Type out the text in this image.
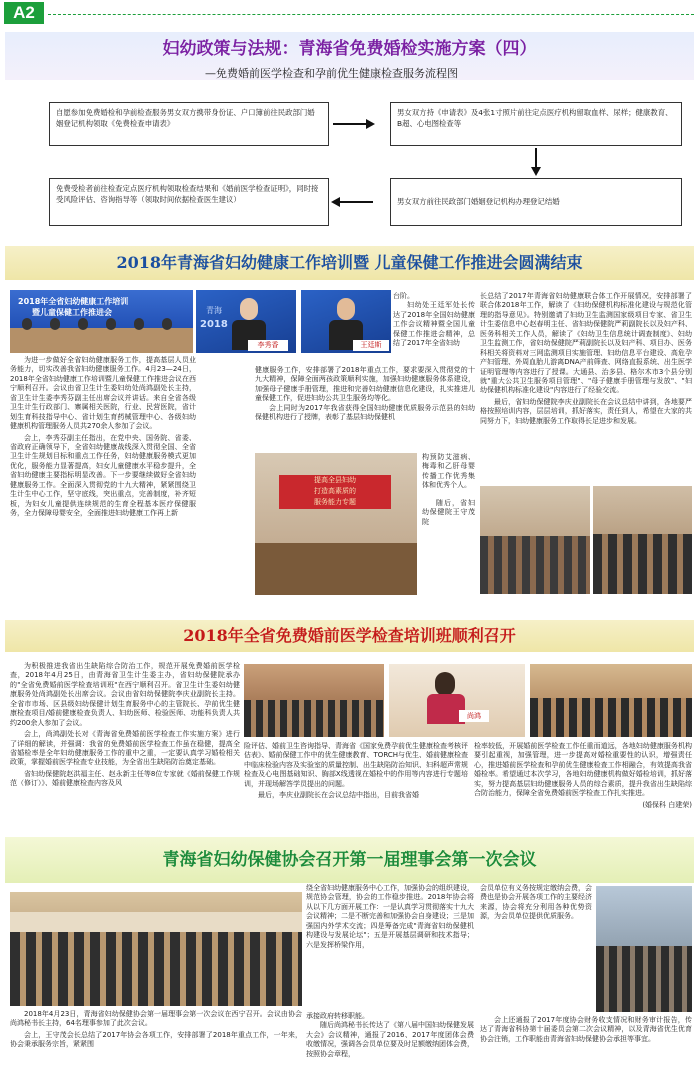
A2
妇幼政策与法规：青海省免费婚检实施方案（四）
—免费婚前医学检查和孕前优生健康检查服务流程图
自愿参加免费婚检和孕前检查服务男女双方携带身份证、户口簿前往民政部门婚姻登记机构领取《免费检查申请表》
男女双方持《申请表》及4张1寸照片前往定点医疗机构留取血样、尿样；健康教育、B超、心电图检查等
免费受检者前往检查定点医疗机构领取检查结果和《婚前医学检查证明》，同时接受风险评估、咨询指导等（领取时间依据检查医生建议）	男女双方前往民政部门婚姻登记机构办理登记结婚
2018年青海省妇幼健康工作培训暨 儿童保健工作推进会圆满结束
2018年全省妇幼健康工作培训
暨儿童保健工作推进会	青海
2018
李秀香	王廷斯

为进一步做好全省妇幼健康服务工作，提高基层人员业务能力，切实改善我省妇幼健康服务工作。4月23—24日，2018年全省妇幼健康工作培训暨儿童保健工作推进会议在西宁顺利召开。会议由省卫生计生委妇幼处尚鸿副处长主持，省卫生计生委李秀芬副主任出席会议并讲话。来自全省各级卫生计生行政部门、寨属相关医院，行业、民营医院，省计划生育科技指导中心、省计划生育药械管理中心、各级妇幼健康机构管理服务人员共270余人参加了会议。

会上，李秀芬副主任指出，在党中央、国务院、省委、省政府正确领导下，全省妇幼健康战线深入贯彻全国、全省卫生计生规划目标和重点工作任务，妇幼健康服务模式更加优化，服务能力显著提高，妇女儿童健康水平稳步提升，全省妇幼健康主要指标明显改善。下一步要继续做好全省妇幼健康服务工作。全面深入贯彻党的十九大精神，紧紧围绕卫生计生中心工作，坚守底线，突出重点，完善制度，补齐短板，为妇女儿童提供连续规范的生育全程基本医疗保健服务，全力保障母婴安全，全面推进妇幼健康工作再上新

台阶。
妇幼处王廷军处长传达了2018年全国妇幼健康工作会议精神暨全国儿童保健工作推进会精神，总结了2017年全省妇幼
健康服务工作，安排部署了2018年重点工作，要求要深入贯彻党的十九大精神，保障全面两孩政策顺利实施，加强妇幼健康服务体系建设，加强母子健康手册管理，推进和完善妇幼健康信息化建设，扎实推进儿童保健工作，促进妇幼公共卫生服务均等化。
会上同时为2017年我省获得全国妇幼健康优质服务示范县的妇幼保健机构进行了授牌，表彰了基层妇幼保健机
提高全县妇幼
打造高素质的
服务能力专题
构预防艾滋病、梅毒和乙肝母婴传播工作优秀集体和优秀个人。
随后，省妇幼保健院王守茂院
长总结了2017年青海省妇幼健康联合体工作开展情况，安排部署了联合体2018年工作，解读了《妇幼保健机构标准化建设与规范化管理的指导意见》。特别邀请了妇幼卫生监测国家级项目专家、省卫生计生委信息中心赵春明主任、省妇幼保健院严莉副院长以及妇产科、医务科相关工作人员，解读了《妇幼卫生信息统计调查制度》、妇幼卫生监测工作，省妇幼保健院严莉副院长以及妇产科、项目办、医务科相关将资料对三网监测项目实施管理、妇幼信息平台建设、高危孕产妇管理、外周血胎儿游离DNA产前筛查、网络直报系统、出生医学证明管理等内容进行了授课。大通县、治多县、格尔木市3个县分别就"重大公共卫生服务项目管理"、"母子健康手册管理与发放"、"妇幼保健机构标准化建设"内容进行了经验交流。

最后，省妇幼保健院李庆业副院长在会议总结中讲到，各地要严格按照培训内容，层层培训，抓好落实，责任到人，希望在大家的共同努力下，妇幼健康服务工作取得长足进步和发展。

2018年全省免费婚前医学检查培训班顺利召开

为积极推进我省出生缺陷综合防治工作，规范开展免费婚前医学检查，2018年4月25日，由青海省卫生计生委主办，省妇幼保健院承办的"全省免费婚前医学检查培训班"在西宁顺利召开。省卫生计生委妇幼健康服务处尚鸿副处长出席会议。会议由省妇幼保健院李庆业副院长主持。全省市市场、区县级妇幼保健计划生育服务中心的主管院长、孕前优生健康检查项目/婚前健康检查负责人、妇幼医师、检验医师、功能科负责人共约200余人参加了会议。

会上，尚鸿副处长对《青海省免费婚前医学检查工作实施方案》进行了详细的解读，并强调：我省的免费婚前医学检查工作虽在稳健，提高全省婚检率是全年妇幼健康服务工作的重中之重，一定要认真学习婚检相关政策，掌握婚前医学检查专业技能，为全省出生缺陷防治奠定基础。

省妇幼保健院赵洪福主任、赵永新主任等8位专家就《婚前保健工作规范（修订）》、婚前健康检查内容及风

尚鸿
险评估、婚前卫生咨询指导、青海省《国家免费孕前优生健康检查考核评估表》、婚前保健工作中的优生健康教育、TORCH与优生、婚前健康检查中临床检验内容及实验室的质量控制、出生缺陷防治知识、妇科超声常规检查及心电图基础知识、胸部X线透视在婚检中的作用等内容进行专题培训，并现场解答学员提出的问题。

最后，李庆业副院长在会议总结中指出，目前我省婚

检率较低，开展婚前医学检查工作任重而道远，各地妇幼健康服务机构要引起重视，加强管理，进一步提高对婚检重要性的认识，增强责任心，推进婚前医学检查和孕前优生健康检查工作相融合，有效提高我省婚检率。希望通过本次学习，各地妇幼健康机构做好婚检培训，抓好落实，努力提高基层妇幼健康服务人员的综合素质，提升我省出生缺陷综合防治能力，保障全省免费婚前医学检查工作扎实推进。
(婚保科 白建荣)
青海省妇幼保健协会召开第一届理事会第一次会议
2018年4月23日，青海省妇幼保健协会第一届理事会第一次会议在西宁召开。会议由协会尚鸿秘书长主持，64名理事参加了此次会议。
会上，王守茂会长总结了2017年协会各项工作，安排部署了2018年重点工作，一年来，协会秉承服务宗旨，紧紧围
绕全省妇幼健康服务中心工作，加强协会的组织建设，规范协会管理，协会的工作稳步推进。2018年协会将从以下几方面开展工作：一是认真学习贯彻落实十九大会议精神；二是不断完善和加强协会自身建设；三是加强国内外学术交流；四是筹备完成"青海省妇幼保健机构建设与发展论坛"；五是开展基层调研和技术指导；六是发挥桥梁作用，
承接政府转移职能。
随后尚鸿秘书长传达了《第八届中国妇幼保健发展大会》会议精神，通报了2016、2017年度团体会费收缴情况，强调各会员单位要及时足额缴纳团体会费，按照协会章程，
会员单位有义务按规定缴纳会费，会费也是协会开展各项工作的主要经济来源，协会将充分利用各种优势资源，为会员单位提供优质服务。
会上还通报了2017年度协会财务收支情况和财务审计报告，传达了青海省科协第十届委员会第二次会议精神，以及青海省优生优育协会注销，工作职能由青海省妇幼保健协会承担等事宜。
